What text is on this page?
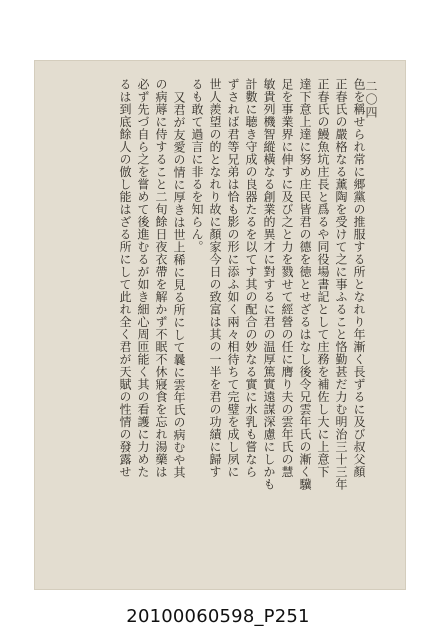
二〇四
色を稱せられ常に郷黨の推服する所となれり年漸く長ずるに及び叔父顏
正春氏の嚴格なる薰陶を受けて之に事ふること恪勤甚だ力む明治三十三年
正春氏の鰻魚坑庄長と爲るや同役場書記として庄務を補佐し大に上意下
達下意上達に努め庄民皆君の德を徳とせざるはなし後令兄雲年氏の漸く驥
足を事業界に伸すに及び之と力を戮せて經營の任に膺り夫の雲年氏の慧
敏貴列機智縱橫なる創業的異才に對するに君の温厚篤實遠謀深慮にしかも
計數に聴き守成の良器たるを以てす其の配合の妙なる實に水乳も嘗なら
ずされば君等兄弟は恰も影の形に添ふ如く兩々相待ちて完璧を成し夙に
世人羨望の的となれり故に顏家今日の致富は其の一半を君の功績に歸す
るも敢て過言に非るを知らん。
又君が友愛の情に厚きは世上稀に見る所にして曩に雲年氏の病むや其
の病蓐に侍すること二旬餘日夜衣帶を解かず不眠不休寢食を忘れ湯藥は
必ず先づ自ら之を嘗めて後進むるが如き細心周匝能く其の看護に力めた
るは到底餘人の倣し能はざる所にして此れ全く君が天賦の性情の發露せ
20100060598_P251
